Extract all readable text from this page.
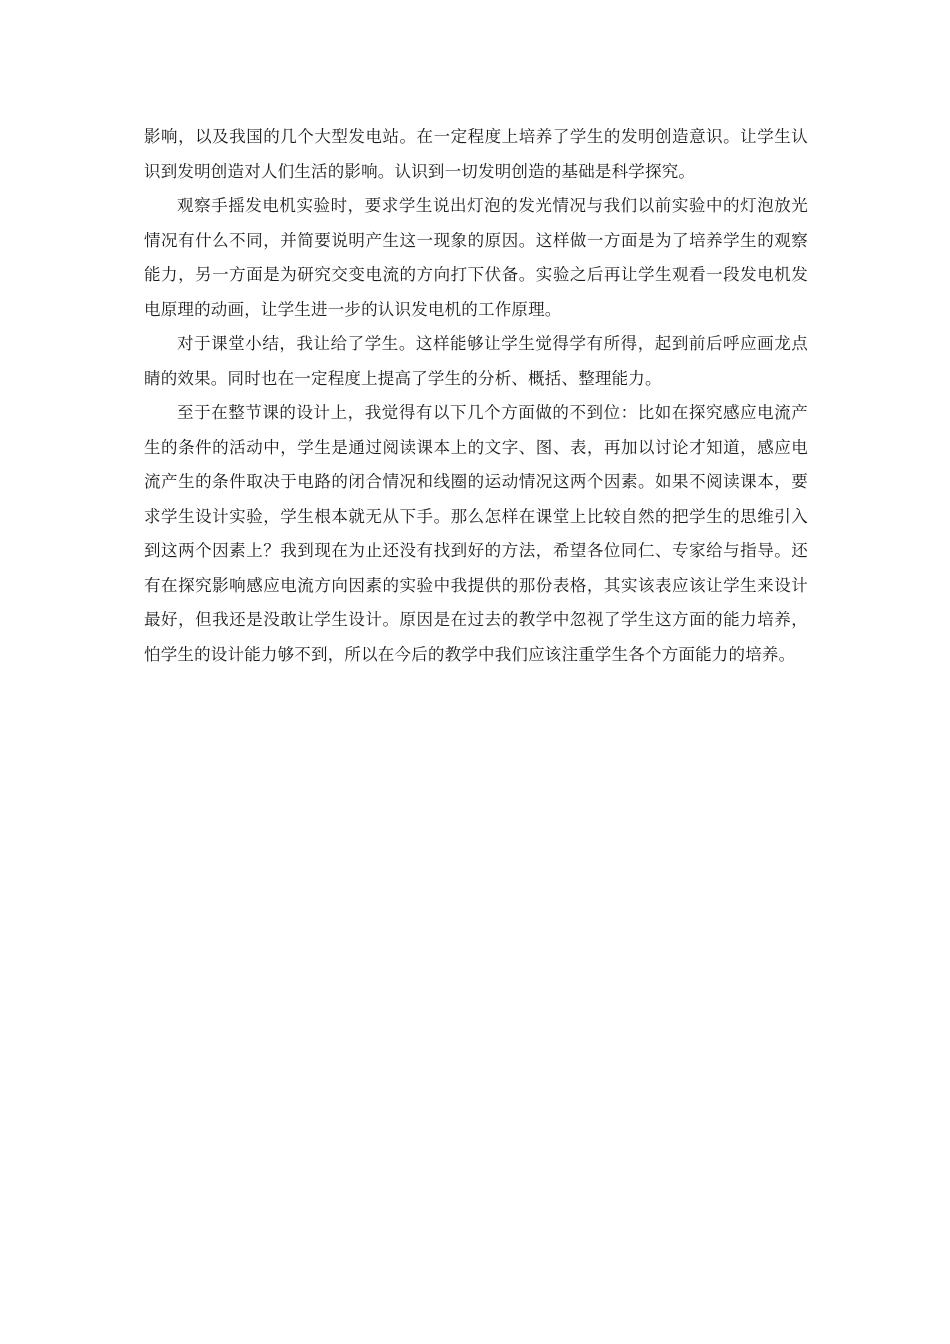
影响，以及我国的几个大型发电站。在一定程度上培养了学生的发明创造意识。让学生认识到发明创造对人们生活的影响。认识到一切发明创造的基础是科学探究。

观察手摇发电机实验时，要求学生说出灯泡的发光情况与我们以前实验中的灯泡放光情况有什么不同，并简要说明产生这一现象的原因。这样做一方面是为了培养学生的观察能力，另一方面是为研究交变电流的方向打下伏备。实验之后再让学生观看一段发电机发电原理的动画，让学生进一步的认识发电机的工作原理。

对于课堂小结，我让给了学生。这样能够让学生觉得学有所得，起到前后呼应画龙点睛的效果。同时也在一定程度上提高了学生的分析、概括、整理能力。

至于在整节课的设计上，我觉得有以下几个方面做的不到位：比如在探究感应电流产生的条件的活动中，学生是通过阅读课本上的文字、图、表，再加以讨论才知道，感应电流产生的条件取决于电路的闭合情况和线圈的运动情况这两个因素。如果不阅读课本，要求学生设计实验，学生根本就无从下手。那么怎样在课堂上比较自然的把学生的思维引入到这两个因素上？我到现在为止还没有找到好的方法，希望各位同仁、专家给与指导。还有在探究影响感应电流方向因素的实验中我提供的那份表格，其实该表应该让学生来设计最好，但我还是没敢让学生设计。原因是在过去的教学中忽视了学生这方面的能力培养，怕学生的设计能力够不到，所以在今后的教学中我们应该注重学生各个方面能力的培养。
